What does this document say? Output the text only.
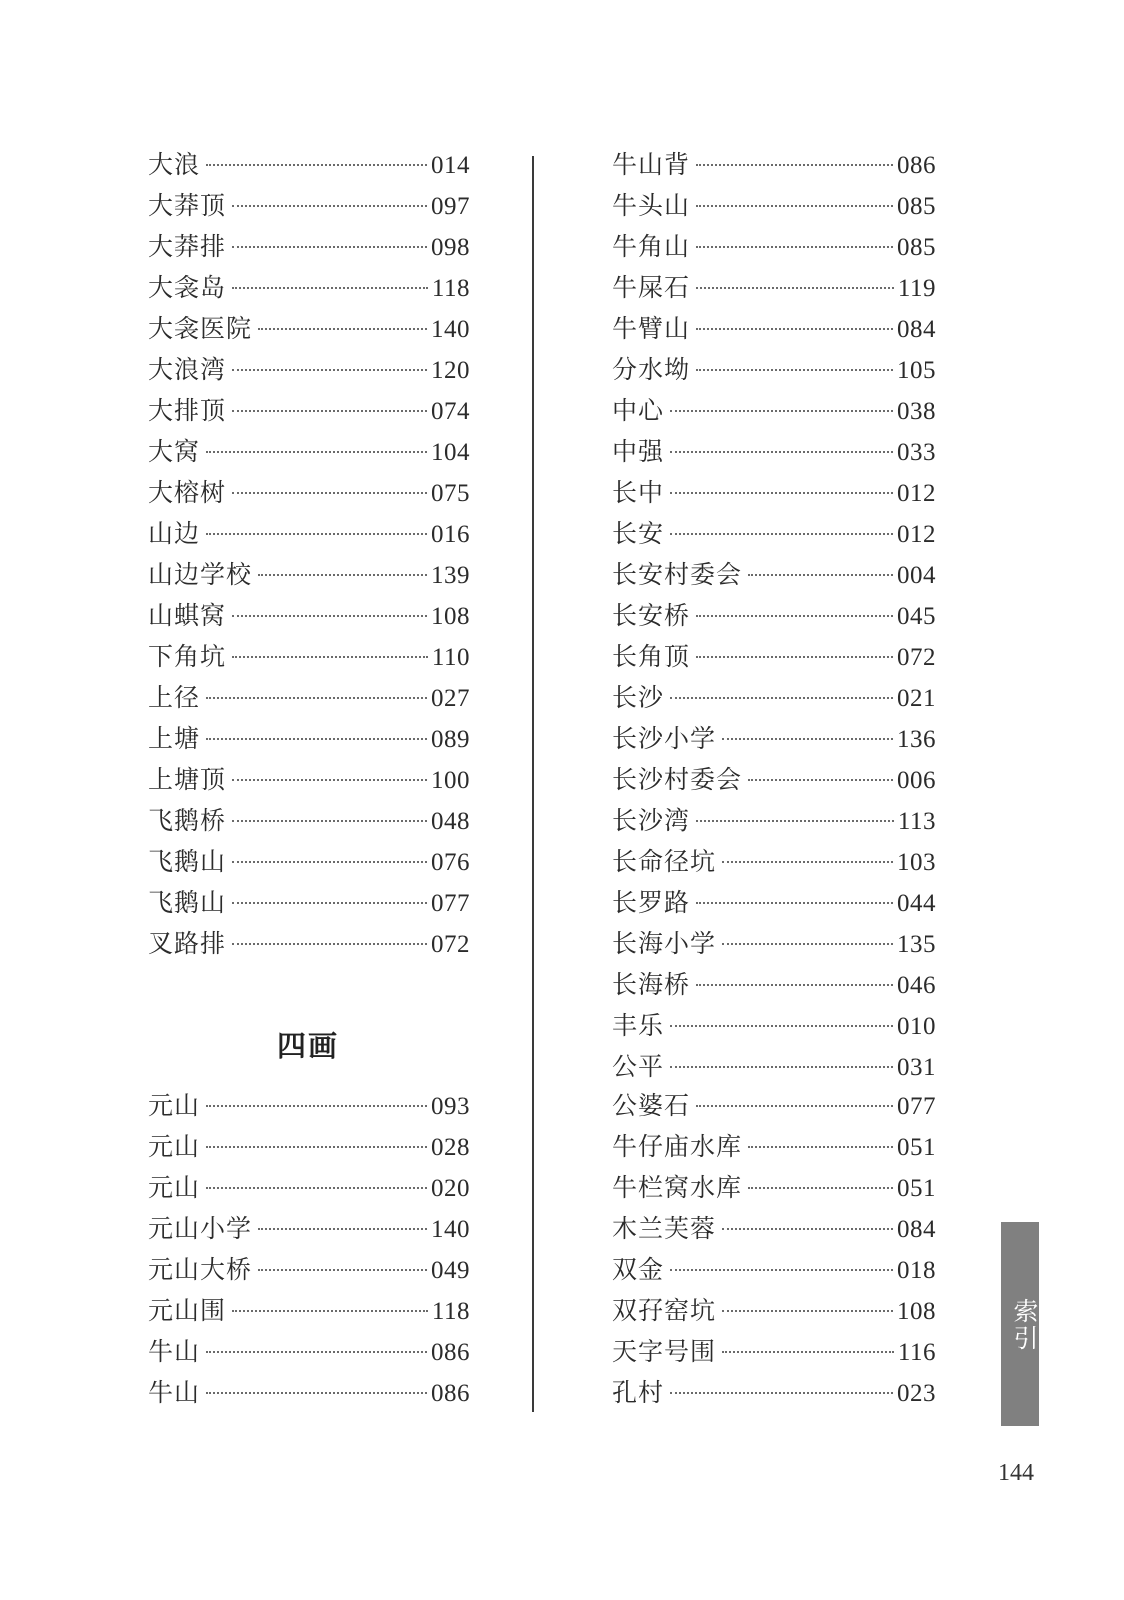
大浪	014
大莽顶	097
大莽排	098
大衾岛	118
大衾医院	140
大浪湾	120
大排顶	074
大窝	104
大榕树	075
山边	016
山边学校	139
山蜞窝	108
下角坑	110
上径	027
上塘	089
上塘顶	100
飞鹅桥	048
飞鹅山	076
飞鹅山	077
叉路排	072
元山	093
元山	028
元山	020
元山小学	140
元山大桥	049
元山围	118
牛山	086
牛山	086
四画
牛山背	086
牛头山	085
牛角山	085
牛屎石	119
牛臂山	084
分水坳	105
中心	038
中强	033
长中	012
长安	012
长安村委会	004
长安桥	045
长角顶	072
长沙	021
长沙小学	136
长沙村委会	006
长沙湾	113
长命径坑	103
长罗路	044
长海小学	135
长海桥	046
丰乐	010
公平	031
公婆石	077
牛仔庙水库	051
牛栏窝水库	051
木兰芙蓉	084
双金	018
双孖窑坑	108
天字号围	116
孔村	023
索引
144
